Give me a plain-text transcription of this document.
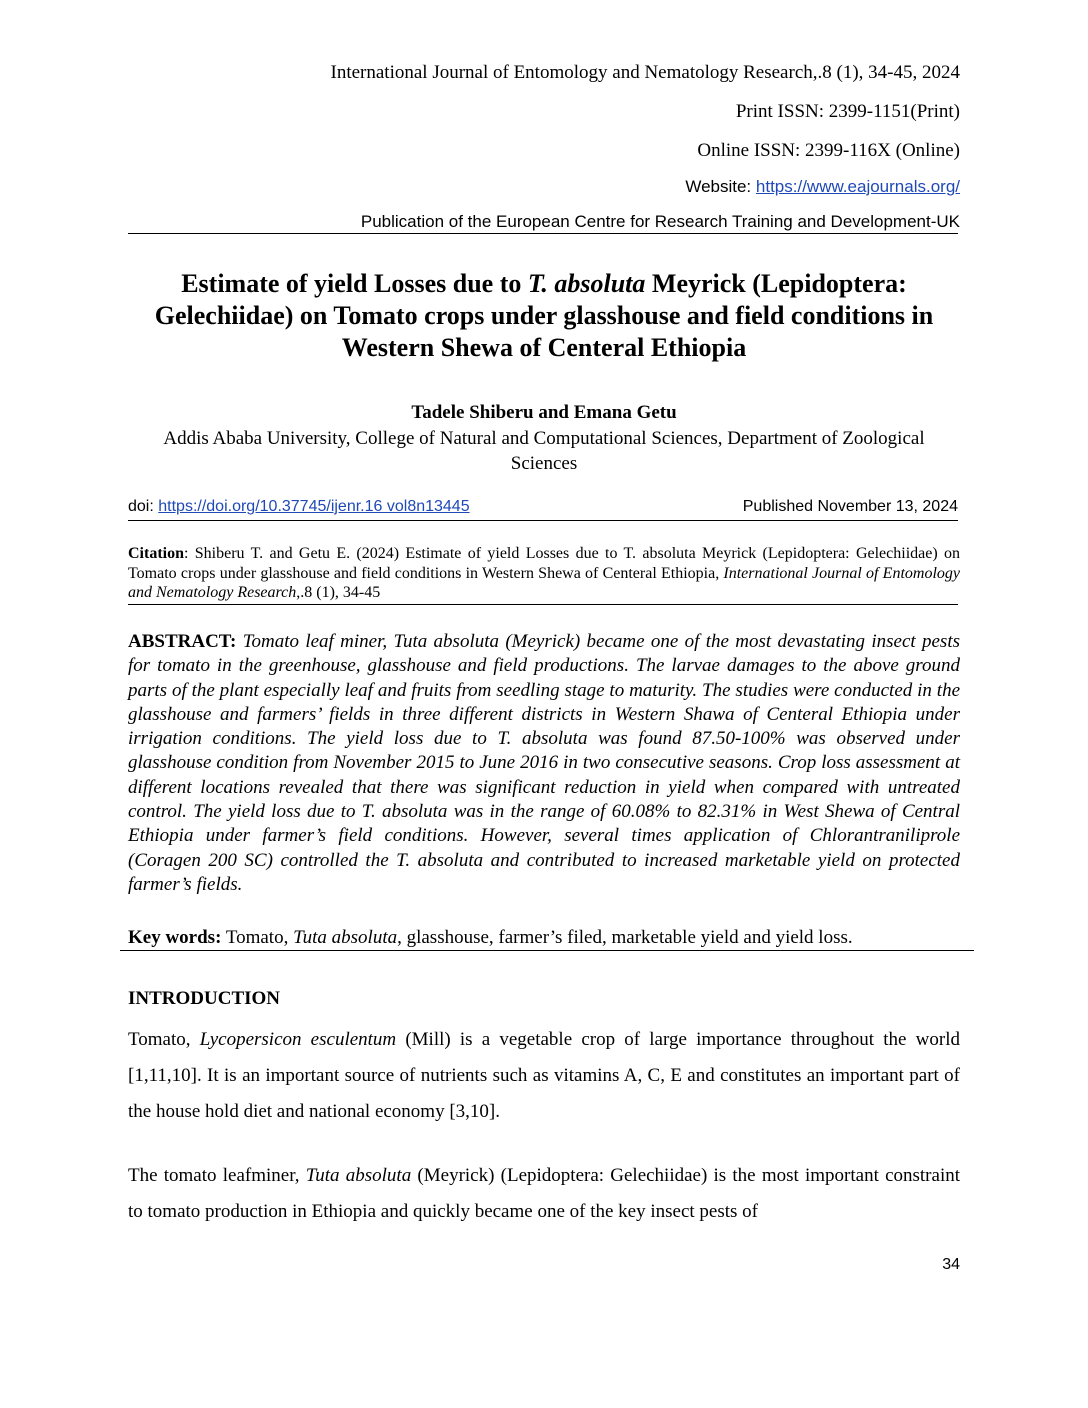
International Journal of Entomology and Nematology Research,.8 (1), 34-45, 2024
Print ISSN: 2399-1151(Print)
Online ISSN: 2399-116X (Online)
Website: https://www.eajournals.org/
Publication of the European Centre for Research Training and Development-UK
Estimate of yield Losses due to T. absoluta Meyrick (Lepidoptera: Gelechiidae) on Tomato crops under glasshouse and field conditions in Western Shewa of Centeral Ethiopia
Tadele Shiberu and Emana Getu
Addis Ababa University, College of Natural and Computational Sciences, Department of Zoological Sciences
doi: https://doi.org/10.37745/ijenr.16 vol8n13445	Published November 13, 2024
Citation: Shiberu T. and Getu E. (2024) Estimate of yield Losses due to T. absoluta Meyrick (Lepidoptera: Gelechiidae) on Tomato crops under glasshouse and field conditions in Western Shewa of Centeral Ethiopia, International Journal of Entomology and Nematology Research,.8 (1), 34-45
ABSTRACT: Tomato leaf miner, Tuta absoluta (Meyrick) became one of the most devastating insect pests for tomato in the greenhouse, glasshouse and field productions. The larvae damages to the above ground parts of the plant especially leaf and fruits from seedling stage to maturity. The studies were conducted in the glasshouse and farmers’ fields in three different districts in Western Shawa of Centeral Ethiopia under irrigation conditions. The yield loss due to T. absoluta was found 87.50-100% was observed under glasshouse condition from November 2015 to June 2016 in two consecutive seasons. Crop loss assessment at different locations revealed that there was significant reduction in yield when compared with untreated control. The yield loss due to T. absoluta was in the range of 60.08% to 82.31% in West Shewa of Central Ethiopia under farmer’s field conditions. However, several times application of Chlorantraniliprole (Coragen 200 SC) controlled the T. absoluta and contributed to increased marketable yield on protected farmer’s fields.
Key words: Tomato, Tuta absoluta, glasshouse, farmer’s filed, marketable yield and yield loss.
INTRODUCTION
Tomato, Lycopersicon esculentum (Mill) is a vegetable crop of large importance throughout the world [1,11,10]. It is an important source of nutrients such as vitamins A, C, E and constitutes an important part of the house hold diet and national economy [3,10].
The tomato leafminer, Tuta absoluta (Meyrick) (Lepidoptera: Gelechiidae) is the most important constraint to tomato production in Ethiopia and quickly became one of the key insect pests of
34
